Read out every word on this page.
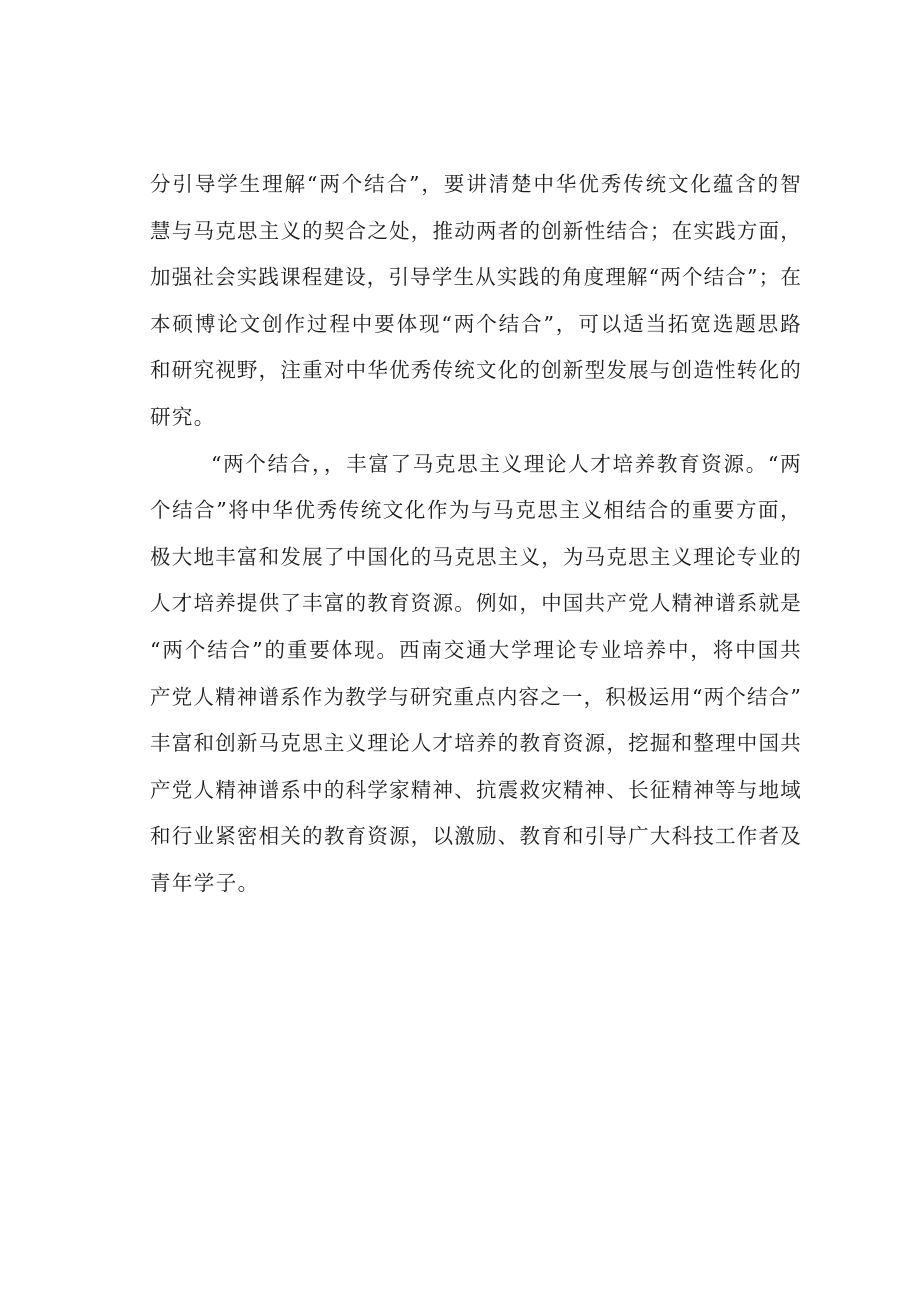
分引导学生理解“两个结合”，要讲清楚中华优秀传统文化蕴含的智
慧与马克思主义的契合之处，推动两者的创新性结合；在实践方面，
加强社会实践课程建设，引导学生从实践的角度理解“两个结合”；在
本硕博论文创作过程中要体现“两个结合”，可以适当拓宽选题思路
和研究视野，注重对中华优秀传统文化的创新型发展与创造性转化的
研究。
“两个结合，，丰富了马克思主义理论人才培养教育资源。“两
个结合”将中华优秀传统文化作为与马克思主义相结合的重要方面，
极大地丰富和发展了中国化的马克思主义，为马克思主义理论专业的
人才培养提供了丰富的教育资源。例如，中国共产党人精神谱系就是
“两个结合”的重要体现。西南交通大学理论专业培养中，将中国共
产党人精神谱系作为教学与研究重点内容之一，积极运用“两个结合”
丰富和创新马克思主义理论人才培养的教育资源，挖掘和整理中国共
产党人精神谱系中的科学家精神、抗震救灾精神、长征精神等与地域
和行业紧密相关的教育资源，以激励、教育和引导广大科技工作者及
青年学子。
